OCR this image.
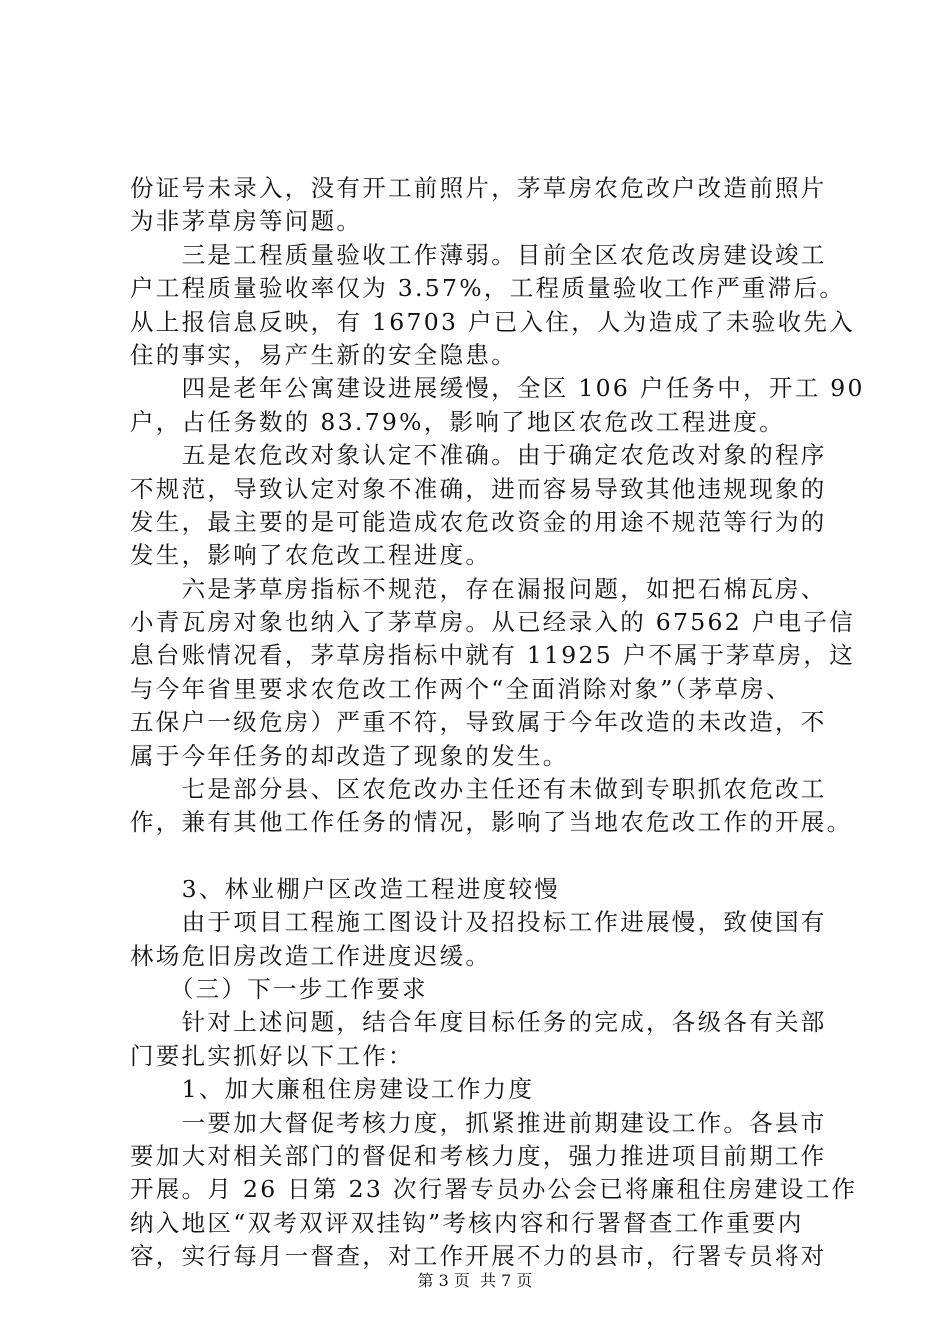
份证号未录入，没有开工前照片，茅草房农危改户改造前照片
为非茅草房等问题。
　　三是工程质量验收工作薄弱。目前全区农危改房建设竣工
户工程质量验收率仅为 3.57%，工程质量验收工作严重滞后。
从上报信息反映，有 16703 户已入住，人为造成了未验收先入
住的事实，易产生新的安全隐患。
　　四是老年公寓建设进展缓慢，全区 106 户任务中，开工 90
户，占任务数的 83.79%，影响了地区农危改工程进度。
　　五是农危改对象认定不准确。由于确定农危改对象的程序
不规范，导致认定对象不准确，进而容易导致其他违规现象的
发生，最主要的是可能造成农危改资金的用途不规范等行为的
发生，影响了农危改工程进度。
　　六是茅草房指标不规范，存在漏报问题，如把石棉瓦房、
小青瓦房对象也纳入了茅草房。从已经录入的 67562 户电子信
息台账情况看，茅草房指标中就有 11925 户不属于茅草房，这
与今年省里要求农危改工作两个“全面消除对象”（茅草房、
五保户一级危房）严重不符，导致属于今年改造的未改造，不
属于今年任务的却改造了现象的发生。
　　七是部分县、区农危改办主任还有未做到专职抓农危改工
作，兼有其他工作任务的情况，影响了当地农危改工作的开展。
　　3、林业棚户区改造工程进度较慢
　　由于项目工程施工图设计及招投标工作进展慢，致使国有
林场危旧房改造工作进度迟缓。
　　（三）下一步工作要求
　　针对上述问题，结合年度目标任务的完成，各级各有关部
门要扎实抓好以下工作：
　　1、加大廉租住房建设工作力度
　　一要加大督促考核力度，抓紧推进前期建设工作。各县市
要加大对相关部门的督促和考核力度，强力推进项目前期工作
开展。月 26 日第 23 次行署专员办公会已将廉租住房建设工作
纳入地区“双考双评双挂钩”考核内容和行署督查工作重要内
容，实行每月一督查，对工作开展不力的县市，行署专员将对
第 3 页  共 7 页
